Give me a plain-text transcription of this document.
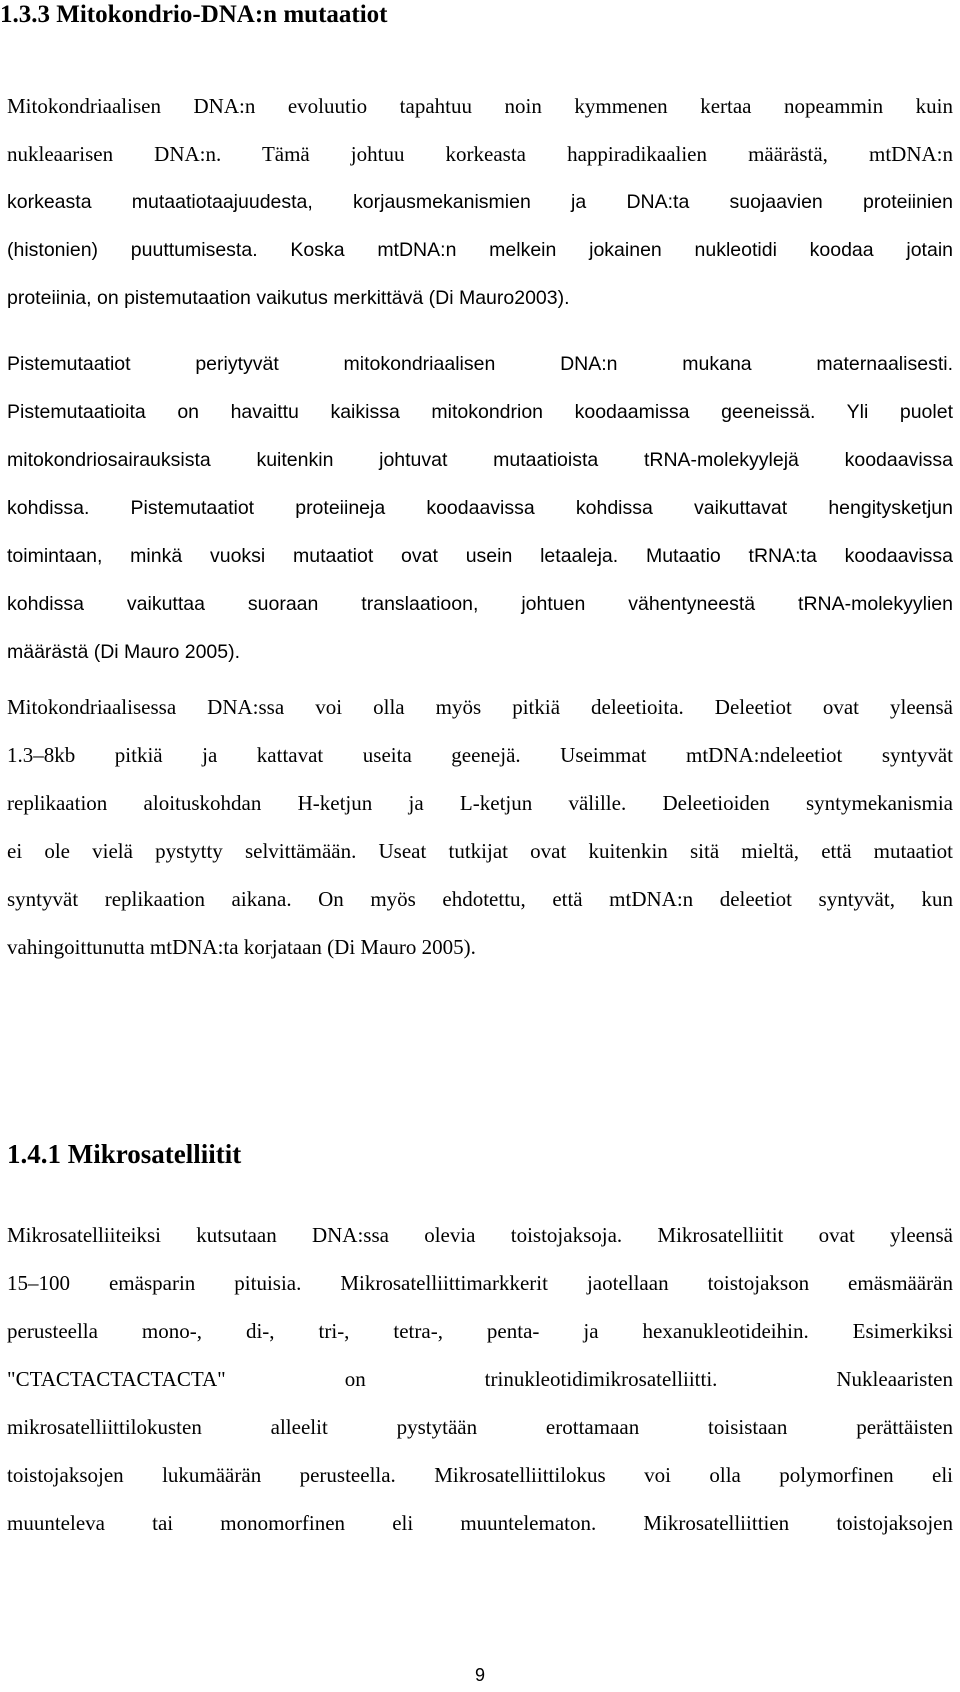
1.3.3 Mitokondrio-DNA:n mutaatiot

Mitokondriaalisen DNA:n evoluutio tapahtuu noin kymmenen kertaa nopeammin kuin
nukleaarisen DNA:n. Tämä johtuu korkeasta happiradikaalien määrästä, mtDNA:n
korkeasta mutaatiotaajuudesta, korjausmekanismien ja DNA:ta suojaavien proteiinien
(histonien) puuttumisesta. Koska mtDNA:n melkein jokainen nukleotidi koodaa jotain
proteiinia, on pistemutaation vaikutus merkittävä (Di Mauro2003).

Pistemutaatiot periytyvät mitokondriaalisen DNA:n mukana maternaalisesti.
Pistemutaatioita on havaittu kaikissa mitokondrion koodaamissa geeneissä. Yli puolet
mitokondriosairauksista kuitenkin johtuvat mutaatioista tRNA-molekyylejä koodaavissa
kohdissa. Pistemutaatiot proteiineja koodaavissa kohdissa vaikuttavat hengitysketjun
toimintaan, minkä vuoksi mutaatiot ovat usein letaaleja. Mutaatio tRNA:ta koodaavissa
kohdissa vaikuttaa suoraan translaatioon, johtuen vähentyneestä tRNA-molekyylien
määrästä (Di Mauro 2005).

Mitokondriaalisessa DNA:ssa voi olla myös pitkiä deleetioita. Deleetiot ovat yleensä
1.3–8kb pitkiä ja kattavat useita geenejä. Useimmat mtDNA:ndeleetiot syntyvät
replikaation aloituskohdan H-ketjun ja L-ketjun välille. Deleetioiden syntymekanismia
ei ole vielä pystytty selvittämään. Useat tutkijat ovat kuitenkin sitä mieltä, että mutaatiot
syntyvät replikaation aikana. On myös ehdotettu, että mtDNA:n deleetiot syntyvät, kun
vahingoittunutta mtDNA:ta korjataan (Di Mauro 2005).

1.4.1 Mikrosatelliitit

Mikrosatelliiteiksi kutsutaan DNA:ssa olevia toistojaksoja. Mikrosatelliitit ovat yleensä
15–100 emäsparin pituisia. Mikrosatelliittimarkkerit jaotellaan toistojakson emäsmäärän
perusteella mono-, di-, tri-, tetra-, penta- ja hexanukleotideihin. Esimerkiksi
"CTACTACTACTACTA" on trinukleotidimikrosatelliitti. Nukleaaristen
mikrosatelliittilokusten alleelit pystytään erottamaan toisistaan perättäisten
toistojaksojen lukumäärän perusteella. Mikrosatelliittilokus voi olla polymorfinen eli
muunteleva tai monomorfinen eli muuntelematon. Mikrosatelliittien toistojaksojen

9
